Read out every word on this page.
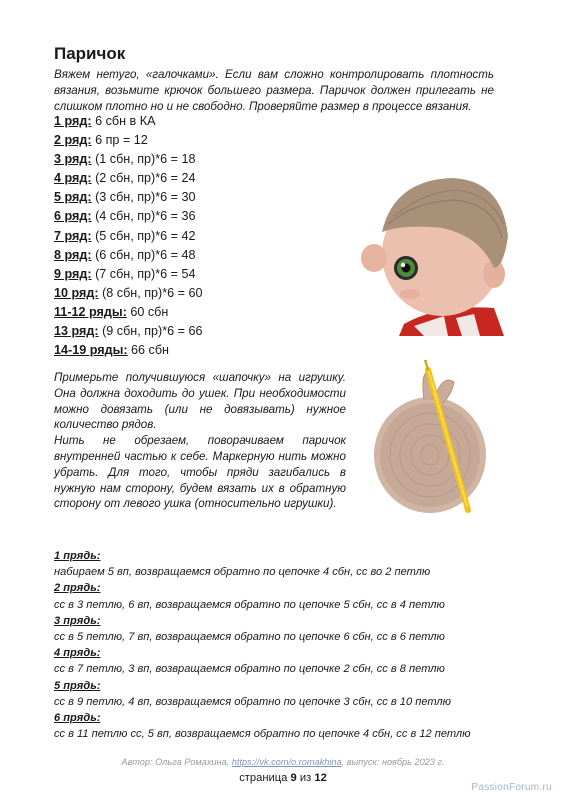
Паричок

Вяжем нетуго, «галочками». Если вам сложно контролировать плотность вязания, возьмите крючок большего размера. Паричок должен прилегать не слишком плотно но и не свободно. Проверяйте размер в процессе вязания.

1 ряд: 6 сбн в КА
2 ряд: 6 пр = 12
3 ряд: (1 сбн, пр)*6 = 18
4 ряд: (2 сбн, пр)*6 = 24
5 ряд: (3 сбн, пр)*6 = 30
6 ряд: (4 сбн, пр)*6 = 36
7 ряд: (5 сбн, пр)*6 = 42
8 ряд: (6 сбн, пр)*6 = 48
9 ряд: (7 сбн, пр)*6 = 54
10 ряд: (8 сбн, пр)*6 = 60
11-12 ряды: 60 сбн
13 ряд: (9 сбн, пр)*6 = 66
14-19 ряды: 66 сбн

Примерьте получившуюся «шапочку» на игрушку. Она должна доходить до ушек. При необходимости можно довязать (или не довязывать) нужное количество рядов.

Нить не обрезаем, поворачиваем паричок внутренней частью к себе. Маркерную нить можно убрать. Для того, чтобы пряди загибались в нужную нам сторону, будем вязать их в обратную сторону от левого ушка (относительно игрушки).

1 прядь:
набираем 5 вп, возвращаемся обратно по цепочке 4 сбн, сс во 2 петлю
2 прядь:
сс в 3 петлю, 6 вп, возвращаемся обратно по цепочке 5 сбн, сс в 4 петлю
3 прядь:
сс в 5 петлю, 7 вп, возвращаемся обратно по цепочке 6 сбн, сс в 6 петлю
4 прядь:
сс в 7 петлю, 3 вп, возвращаемся обратно по цепочке 2 сбн, сс в 8 петлю
5 прядь:
сс в 9 петлю, 4 вп, возвращаемся обратно по цепочке 3 сбн, сс в 10 петлю
6 прядь:
сс в 11 петлю сс, 5 вп, возвращаемся обратно по цепочке 4 сбн, сс в 12 петлю
Автор: Ольга Ромахина, https://vk.com/o.romakhina, выпуск: ноябрь 2023 г.
страница 9 из 12
PassionForum.ru
